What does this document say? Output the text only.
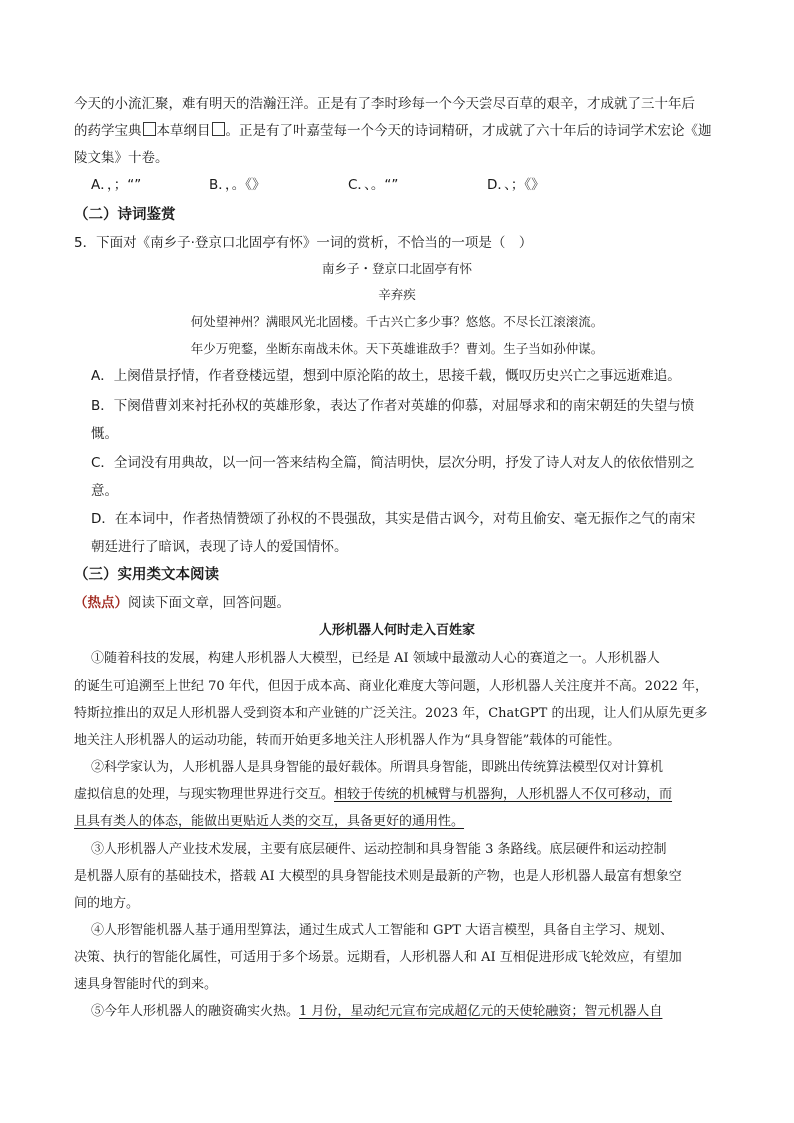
今天的小流汇聚，难有明天的浩瀚汪洋。正是有了李时珍每一个今天尝尽百草的艰辛，才成就了三十年后
的药学宝典 本草纲目 。正是有了叶嘉莹每一个今天的诗词精研，才成就了六十年后的诗词学术宏论《迦
陵文集》十卷。
A．，；“”	B．，。《》	C．、。“”	D．、；《》
（二）诗词鉴赏
5．下面对《南乡子·登京口北固亭有怀》一词的赏析，不恰当的一项是（　）
南乡子・登京口北固亭有怀
辛弃疾
何处望神州？满眼风光北固楼。千古兴亡多少事？悠悠。不尽长江滚滚流。
年少万兜鍪，坐断东南战未休。天下英雄谁敌手？曹刘。生子当如孙仲谋。
A．上阕借景抒情，作者登楼远望，想到中原沦陷的故土，思接千载，慨叹历史兴亡之事远逝难追。
B．下阕借曹刘来衬托孙权的英雄形象，表达了作者对英雄的仰慕，对屈辱求和的南宋朝廷的失望与愤
慨。
C．全词没有用典故，以一问一答来结构全篇，简洁明快，层次分明，抒发了诗人对友人的依依惜别之
意。
D．在本词中，作者热情赞颂了孙权的不畏强敌，其实是借古讽今，对苟且偷安、毫无振作之气的南宋
朝廷进行了暗讽，表现了诗人的爱国情怀。
（三）实用类文本阅读
（热点）阅读下面文章，回答问题。
人形机器人何时走入百姓家
①随着科技的发展，构建人形机器人大模型，已经是 AI 领域中最激动人心的赛道之一。人形机器人
的诞生可追溯至上世纪 70 年代，但因于成本高、商业化难度大等问题，人形机器人关注度并不高。2022 年，
特斯拉推出的双足人形机器人受到资本和产业链的广泛关注。2023 年，ChatGPT 的出现，让人们从原先更多
地关注人形机器人的运动功能，转而开始更多地关注人形机器人作为“具身智能”载体的可能性。
②科学家认为，人形机器人是具身智能的最好载体。所谓具身智能，即跳出传统算法模型仅对计算机
虚拟信息的处理，与现实物理世界进行交互。相较于传统的机械臂与机器狗，人形机器人不仅可移动，而
且具有类人的体态，能做出更贴近人类的交互，具备更好的通用性。
③人形机器人产业技术发展，主要有底层硬件、运动控制和具身智能 3 条路线。底层硬件和运动控制
是机器人原有的基础技术，搭载 AI 大模型的具身智能技术则是最新的产物，也是人形机器人最富有想象空
间的地方。
④人形智能机器人基于通用型算法，通过生成式人工智能和 GPT 大语言模型，具备自主学习、规划、
决策、执行的智能化属性，可适用于多个场景。远期看，人形机器人和 AI 互相促进形成飞轮效应，有望加
速具身智能时代的到来。
⑤今年人形机器人的融资确实火热。1 月份，星动纪元宣布完成超亿元的天使轮融资；智元机器人自
